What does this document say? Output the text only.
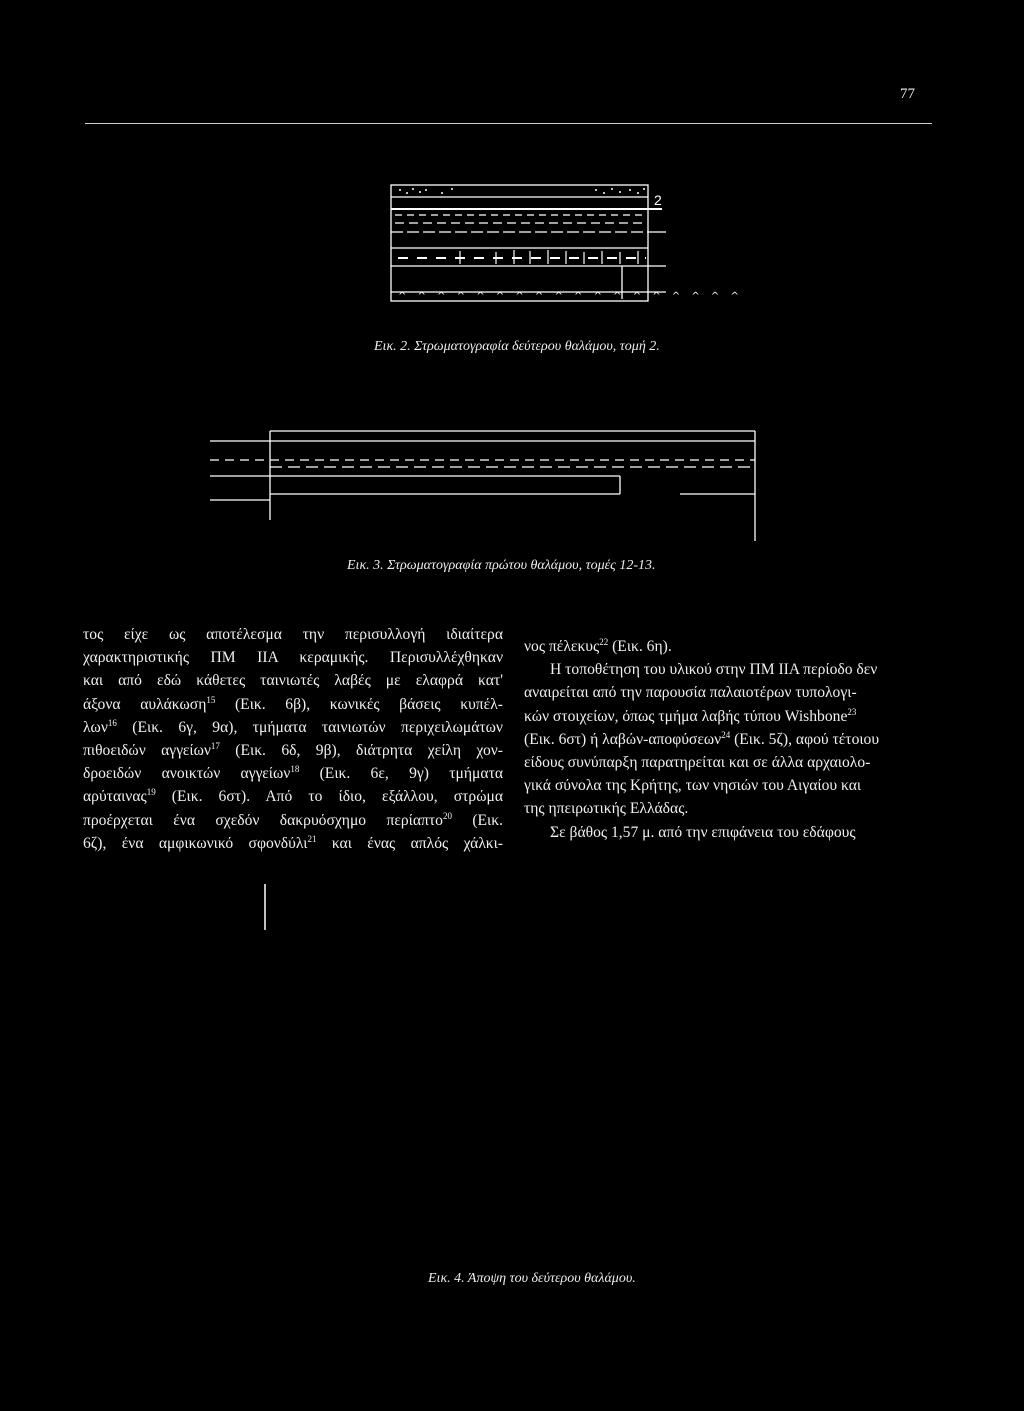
77
^ ^ ^ ^ ^ ^ ^ ^ ^ ^ ^ ^ ^ ^ ^ ^ ^ ^
2
Εικ. 2. Στρωματογραφία δεύτερου θαλάμου, τομή 2.
Εικ. 3. Στρωματογραφία πρώτου θαλάμου, τομές 12-13.
Εικ. 4. Άποψη του δεύτερου θαλάμου.
τος είχε ως αποτέλεσμα την περισυλλογή ιδιαίτερα
χαρακτηριστικής ΠΜ ΙΙΑ κεραμικής. Περισυλλέχθηκαν
και από εδώ κάθετες ταινιωτές λαβές με ελαφρά κατ'
άξονα αυλάκωση$^{15}$ (Εικ. 6β), κωνικές βάσεις κυπέλ-
λων$^{16}$ (Εικ. 6γ, 9α), τμήματα ταινιωτών περιχειλωμάτων
πιθοειδών αγγείων$^{17}$ (Εικ. 6δ, 9β), διάτρητα χείλη χον-
δροειδών ανοικτών αγγείων$^{18}$ (Εικ. 6ε, 9γ) τμήματα
αρύταινας$^{19}$ (Εικ. 6στ). Από το ίδιο, εξάλλου, στρώμα
προέρχεται ένα σχεδόν δακρυόσχημο περίαπτο$^{20}$ (Εικ.
6ζ), ένα αμφικωνικό σφονδύλι$^{21}$ και ένας απλός χάλκι-
νος πέλεκυς$^{22}$ (Εικ. 6η).
Η τοποθέτηση του υλικού στην ΠΜ ΙΙΑ περίοδο δεν
αναιρείται από την παρουσία παλαιοτέρων τυπολογι-
κών στοιχείων, όπως τμήμα λαβής τύπου Wishbone$^{23}$
(Εικ. 6στ) ή λαβών-αποφύσεων$^{24}$ (Εικ. 5ζ), αφού τέτοιου
είδους συνύπαρξη παρατηρείται και σε άλλα αρχαιολο-
γικά σύνολα της Κρήτης, των νησιών του Αιγαίου και
της ηπειρωτικής Ελλάδας.
Σε βάθος 1,57 μ. από την επιφάνεια του εδάφους
